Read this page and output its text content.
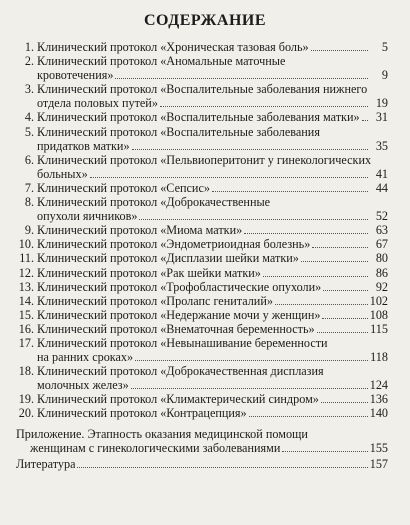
СОДЕРЖАНИЕ
1. Клинический протокол «Хроническая тазовая боль»	5
2. Клинический протокол «Аномальные маточные
кровотечения»	9
3. Клинический протокол «Воспалительные заболевания нижнего
отдела половых путей»	19
4. Клинический протокол «Воспалительные заболевания матки»	31
5. Клинический протокол «Воспалительные заболевания
придатков матки»	35
6. Клинический протокол «Пельвиоперитонит у гинекологических
больных»	41
7. Клинический протокол «Сепсис»	44
8. Клинический протокол «Доброкачественные
опухоли яичников»	52
9. Клинический протокол «Миома матки»	63
10. Клинический протокол «Эндометриоидная болезнь»	67
11. Клинический протокол «Дисплазии шейки матки»	80
12. Клинический протокол «Рак шейки матки»	86
13. Клинический протокол «Трофобластические опухоли»	92
14. Клинический протокол «Пролапс гениталий»	102
15. Клинический протокол «Недержание мочи у женщин»	108
16. Клинический протокол «Внематочная беременность»	115
17. Клинический протокол «Невынашивание беременности
на ранних сроках»	118
18. Клинический протокол «Доброкачественная дисплазия
молочных желез»	124
19. Клинический протокол «Климактерический синдром»	136
20. Клинический протокол «Контрацепция»	140
Приложение. Этапность оказания медицинской помощи
женщинам с гинекологическими заболеваниями	155
Литература	157
